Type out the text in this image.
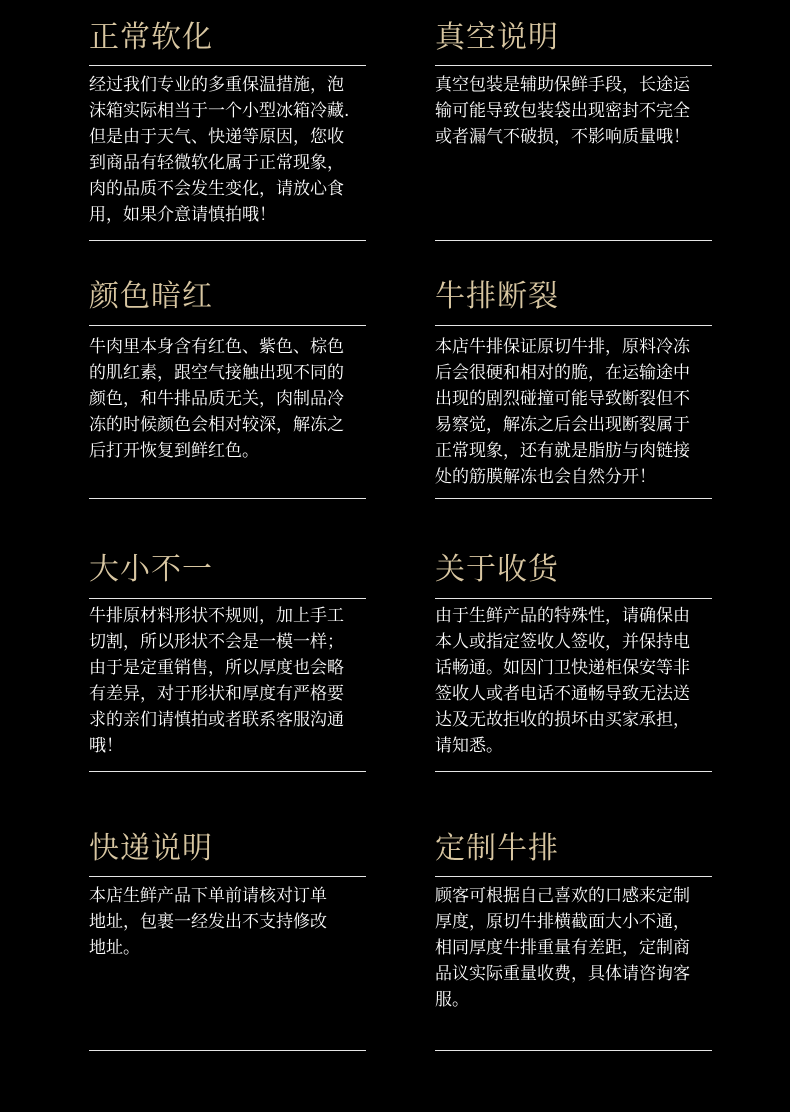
正常软化
经过我们专业的多重保温措施，泡
沫箱实际相当于一个小型冰箱冷藏.
但是由于天气、快递等原因，您收
到商品有轻微软化属于正常现象，
肉的品质不会发生变化，请放心食
用，如果介意请慎拍哦！
真空说明
真空包装是辅助保鲜手段，长途运
输可能导致包装袋出现密封不完全
或者漏气不破损，不影响质量哦！
颜色暗红
牛肉里本身含有红色、紫色、棕色
的肌红素，跟空气接触出现不同的
颜色，和牛排品质无关，肉制品冷
冻的时候颜色会相对较深，解冻之
后打开恢复到鲜红色。
牛排断裂
本店牛排保证原切牛排，原料冷冻
后会很硬和相对的脆，在运输途中
出现的剧烈碰撞可能导致断裂但不
易察觉，解冻之后会出现断裂属于
正常现象，还有就是脂肪与肉链接
处的筋膜解冻也会自然分开！
大小不一
牛排原材料形状不规则，加上手工
切割，所以形状不会是一模一样；
由于是定重销售，所以厚度也会略
有差异，对于形状和厚度有严格要
求的亲们请慎拍或者联系客服沟通
哦！
关于收货
由于生鲜产品的特殊性，请确保由
本人或指定签收人签收，并保持电
话畅通。如因门卫快递柜保安等非
签收人或者电话不通畅导致无法送
达及无故拒收的损坏由买家承担，
请知悉。
快递说明
本店生鲜产品下单前请核对订单
地址，包裹一经发出不支持修改
地址。
定制牛排
顾客可根据自己喜欢的口感来定制
厚度，原切牛排横截面大小不通，
相同厚度牛排重量有差距，定制商
品议实际重量收费，具体请咨询客
服。
